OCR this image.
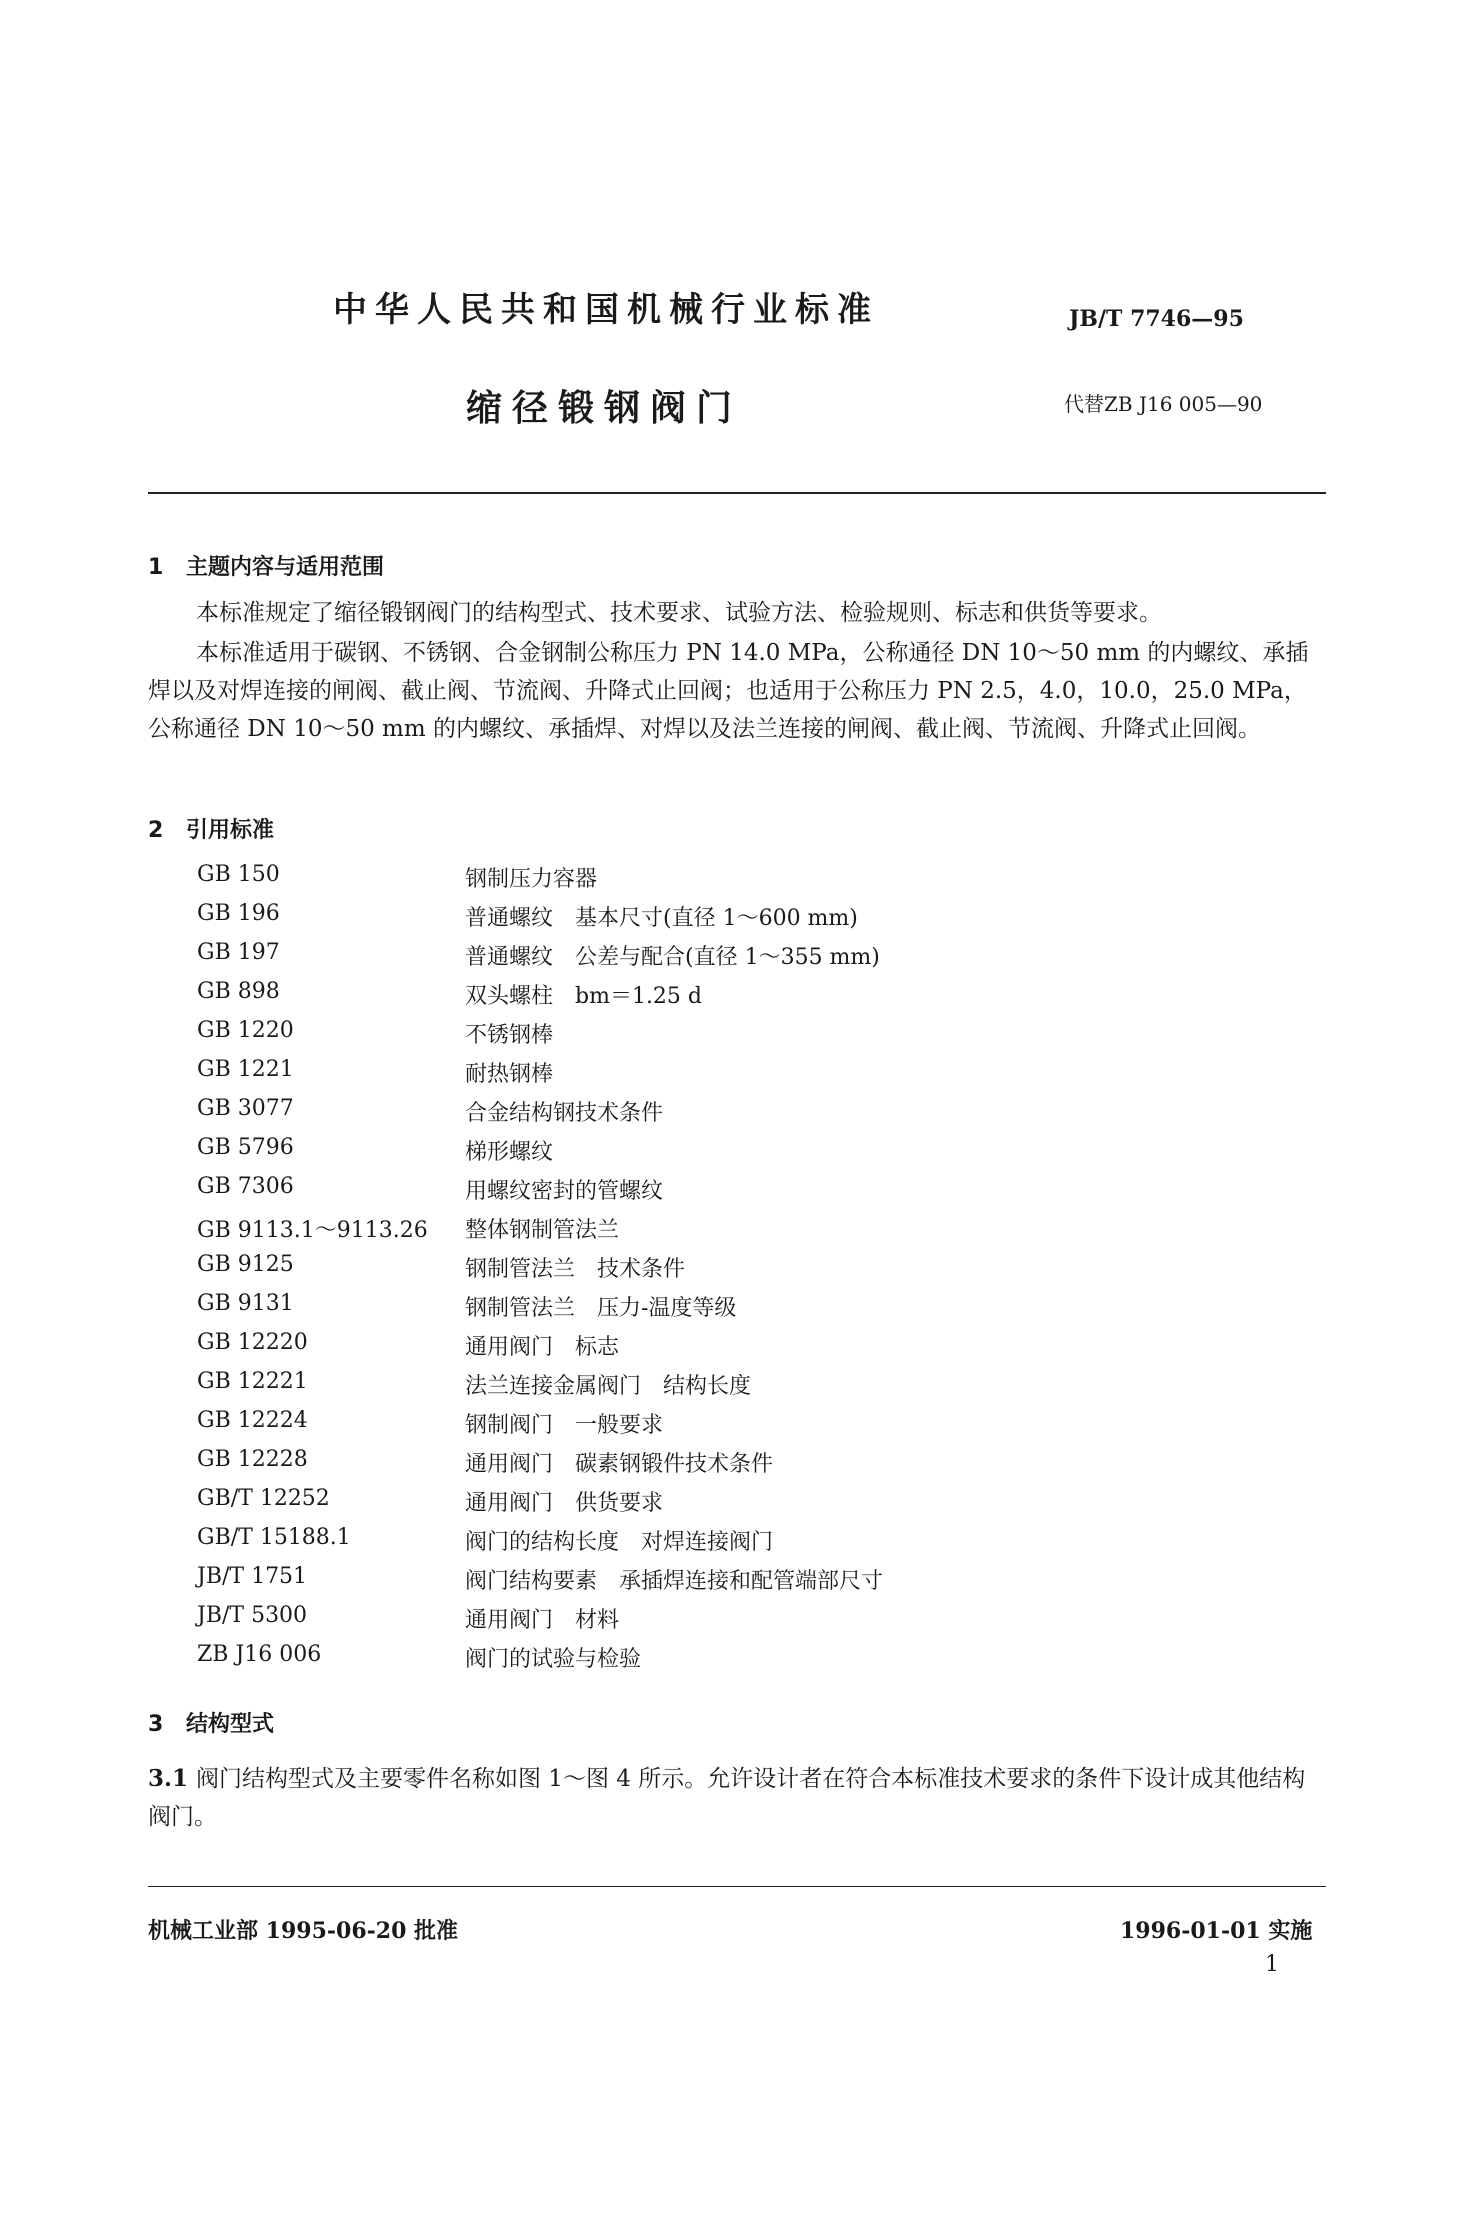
中华人民共和国机械行业标准	JB/T 7746—95
缩径锻钢阀门	代替ZB J16 005—90
1 主题内容与适用范围
本标准规定了缩径锻钢阀门的结构型式、技术要求、试验方法、检验规则、标志和供货等要求。
本标准适用于碳钢、不锈钢、合金钢制公称压力 PN 14.0 MPa，公称通径 DN 10～50 mm 的内螺纹、承插焊以及对焊连接的闸阀、截止阀、节流阀、升降式止回阀；也适用于公称压力 PN 2.5，4.0，10.0，25.0 MPa，公称通径 DN 10～50 mm 的内螺纹、承插焊、对焊以及法兰连接的闸阀、截止阀、节流阀、升降式止回阀。
2 引用标准
GB 150	钢制压力容器
GB 196	普通螺纹　基本尺寸(直径 1～600 mm)
GB 197	普通螺纹　公差与配合(直径 1～355 mm)
GB 898	双头螺柱　bm＝1.25 d
GB 1220	不锈钢棒
GB 1221	耐热钢棒
GB 3077	合金结构钢技术条件
GB 5796	梯形螺纹
GB 7306	用螺纹密封的管螺纹
GB 9113.1～9113.26	整体钢制管法兰
GB 9125	钢制管法兰　技术条件
GB 9131	钢制管法兰　压力-温度等级
GB 12220	通用阀门　标志
GB 12221	法兰连接金属阀门　结构长度
GB 12224	钢制阀门　一般要求
GB 12228	通用阀门　碳素钢锻件技术条件
GB/T 12252	通用阀门　供货要求
GB/T 15188.1	阀门的结构长度　对焊连接阀门
JB/T 1751	阀门结构要素　承插焊连接和配管端部尺寸
JB/T 5300	通用阀门　材料
ZB J16 006	阀门的试验与检验
3 结构型式
3.1 阀门结构型式及主要零件名称如图 1～图 4 所示。允许设计者在符合本标准技术要求的条件下设计成其他结构阀门。
机械工业部 1995-06-20 批准	1996-01-01 实施
1
